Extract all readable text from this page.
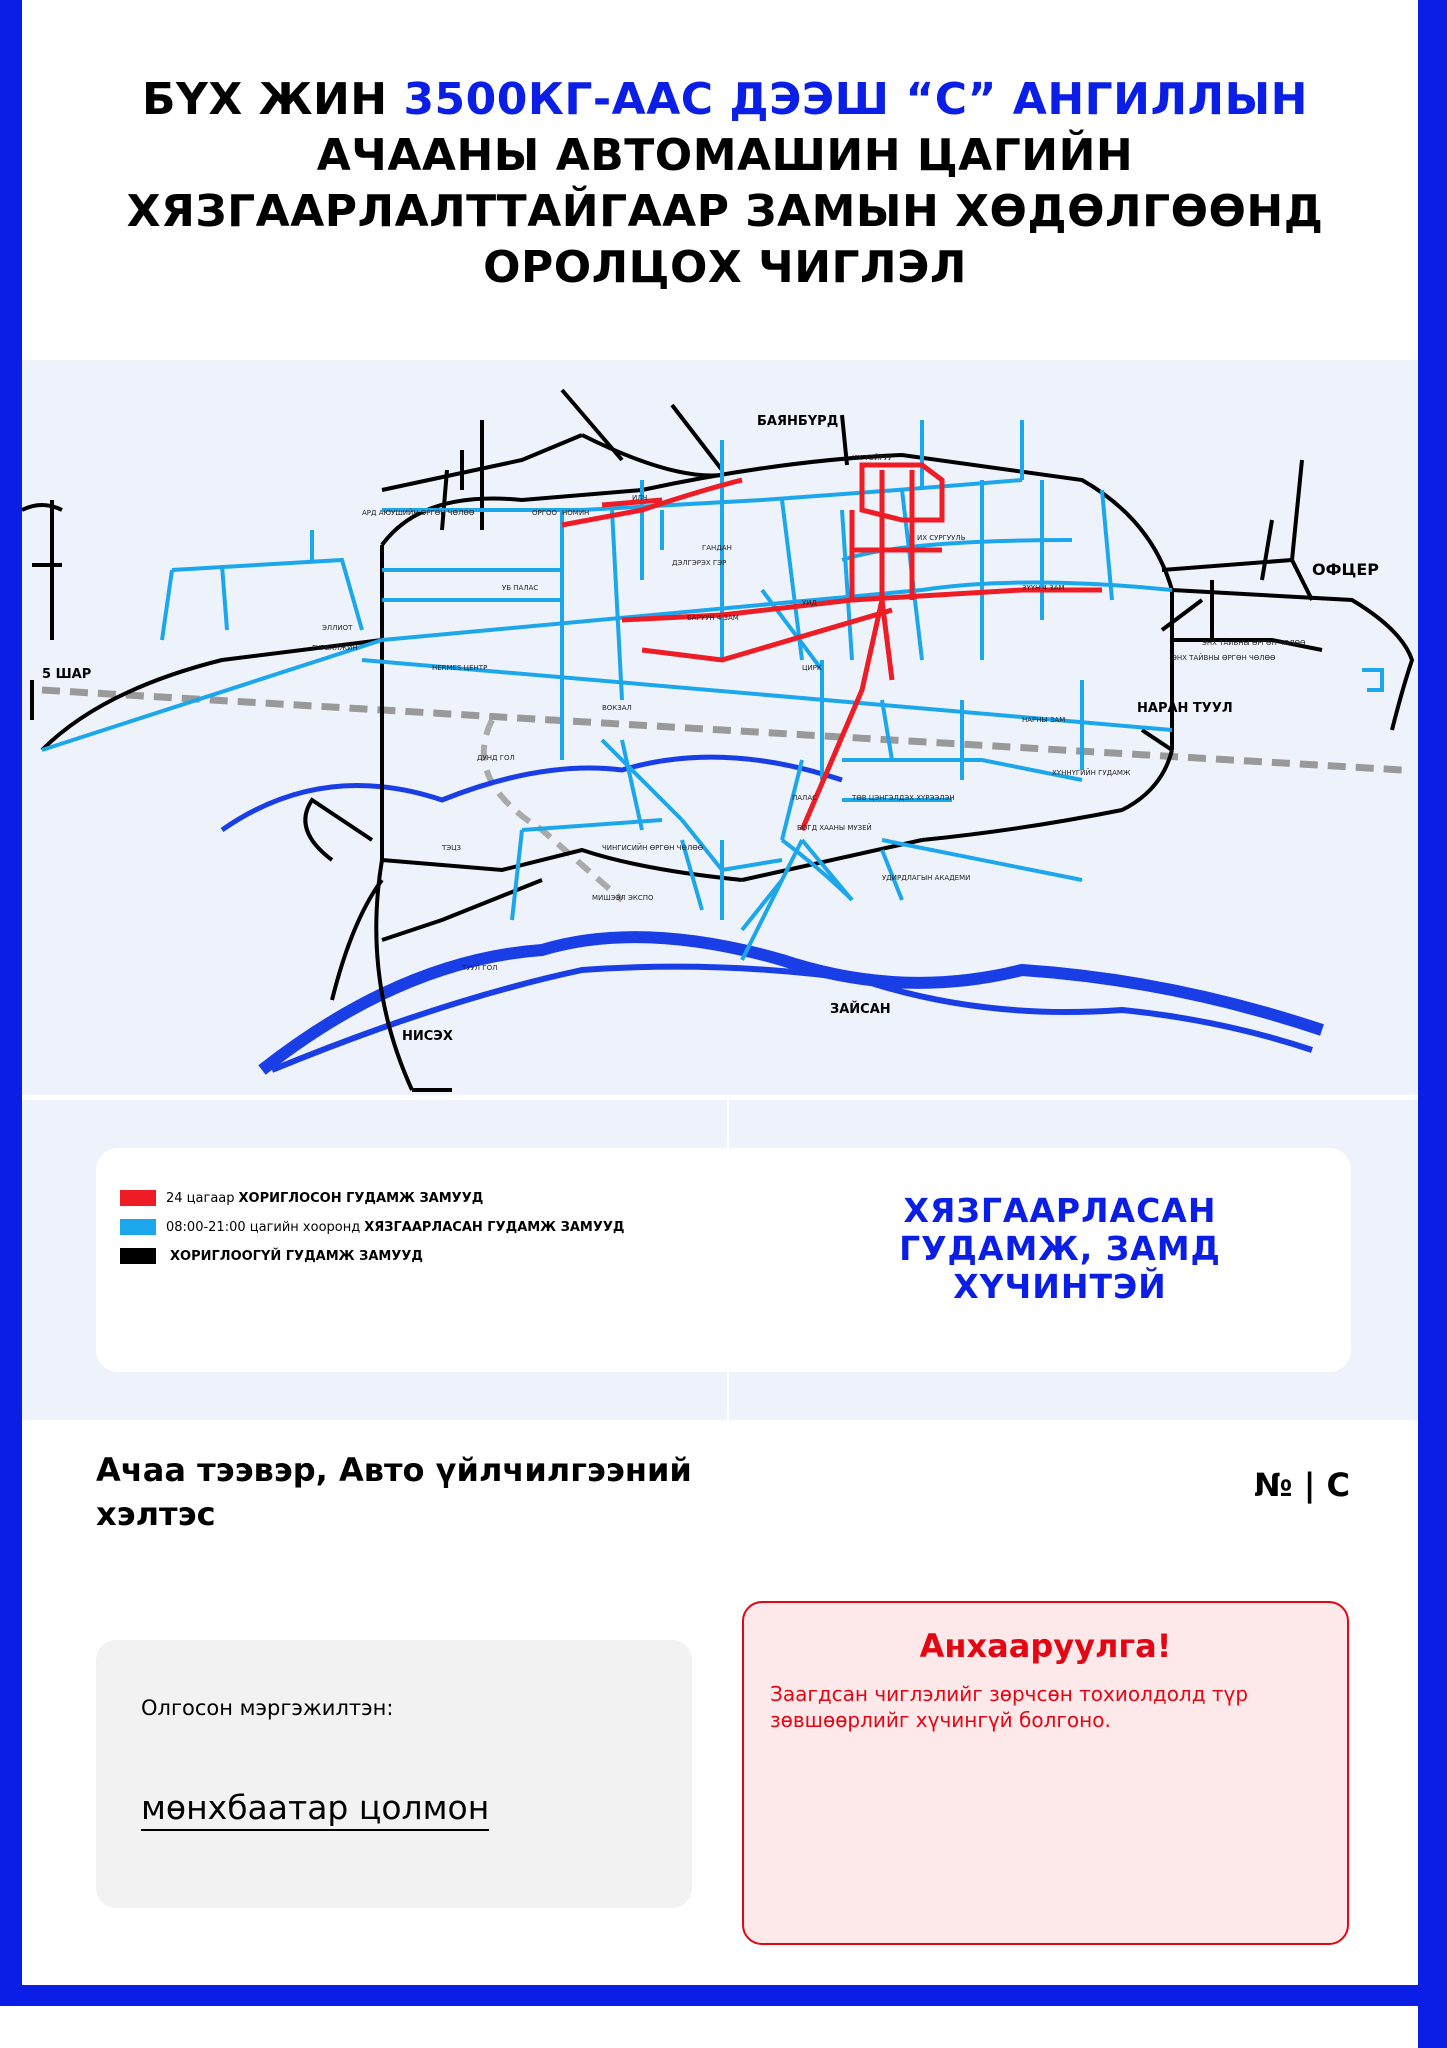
БҮХ ЖИН 3500КГ-ААС ДЭЭШ “С” АНГИЛЛЫН АЧААНЫ АВТОМАШИН ЦАГИЙН ХЯЗГААРЛАЛТТАЙГААР ЗАМЫН ХӨДӨЛГӨӨНД ОРОЛЦОХ ЧИГЛЭЛ
БАЯНБҮРД
ОФЦЕР
5 ШАР
НАРАН ТУУЛ
ЗАЙСАН
НИСЭХ
АРД АЮУШИЙН ӨРГӨН ЧӨЛӨӨ
ЭНХ ТАЙВНЫ ӨРГӨН ЧӨЛӨӨ
НАРНЫ ЗАМ
ЗҮҮН 4 ЗАМ
БАРУУН 4 ЗАМ
УБ ПАЛАС
HERMES ЦЕНТР
ВОКЗАЛ
ГУРВАЛЖИН
ГАНДАН
ЦИРК
УИД
ТӨВ ЦЭНГЭЛДЭХ ХҮРЭЭЛЭН
БОГД ХААНЫ МУЗЕЙ
ТЭЦ3
ДУНД ГОЛ
ТУУЛ ГОЛ
ЧИНГИСИЙН ӨРГӨН ЧӨЛӨӨ
ИХ ТОЙРУУ
ХҮННҮГИЙН ГУДАМЖ
ИХ СУРГУУЛЬ
НОМИН
ИЛЧ
ДЭЛГЭРЭХ ГЭР
УДИРДЛАГЫН АКАДЕМИ
МИШЭЭЛ ЭКСПО
ОРГОО
ЭЛЛИОТ
ЭНХ ТАЙВНЫ ӨРГӨН ЧӨЛӨӨ
ПАЛАС
24 цагаар ХОРИГЛОСОН ГУДАМЖ ЗАМУУД
08:00-21:00 цагийн хооронд ХЯЗГААРЛАСАН ГУДАМЖ ЗАМУУД
ХОРИГЛООГҮЙ ГУДАМЖ ЗАМУУД
ХЯЗГААРЛАСАН ГУДАМЖ, ЗАМД ХҮЧИНТЭЙ
Ачаа тээвэр, Авто үйлчилгээний хэлтэс
№ | С
Олгосон мэргэжилтэн:
мөнхбаатар цолмон
Анхааруулга!
Заагдсан чиглэлийг зөрчсөн тохиолдолд түр зөвшөөрлийг хүчингүй болгоно.
